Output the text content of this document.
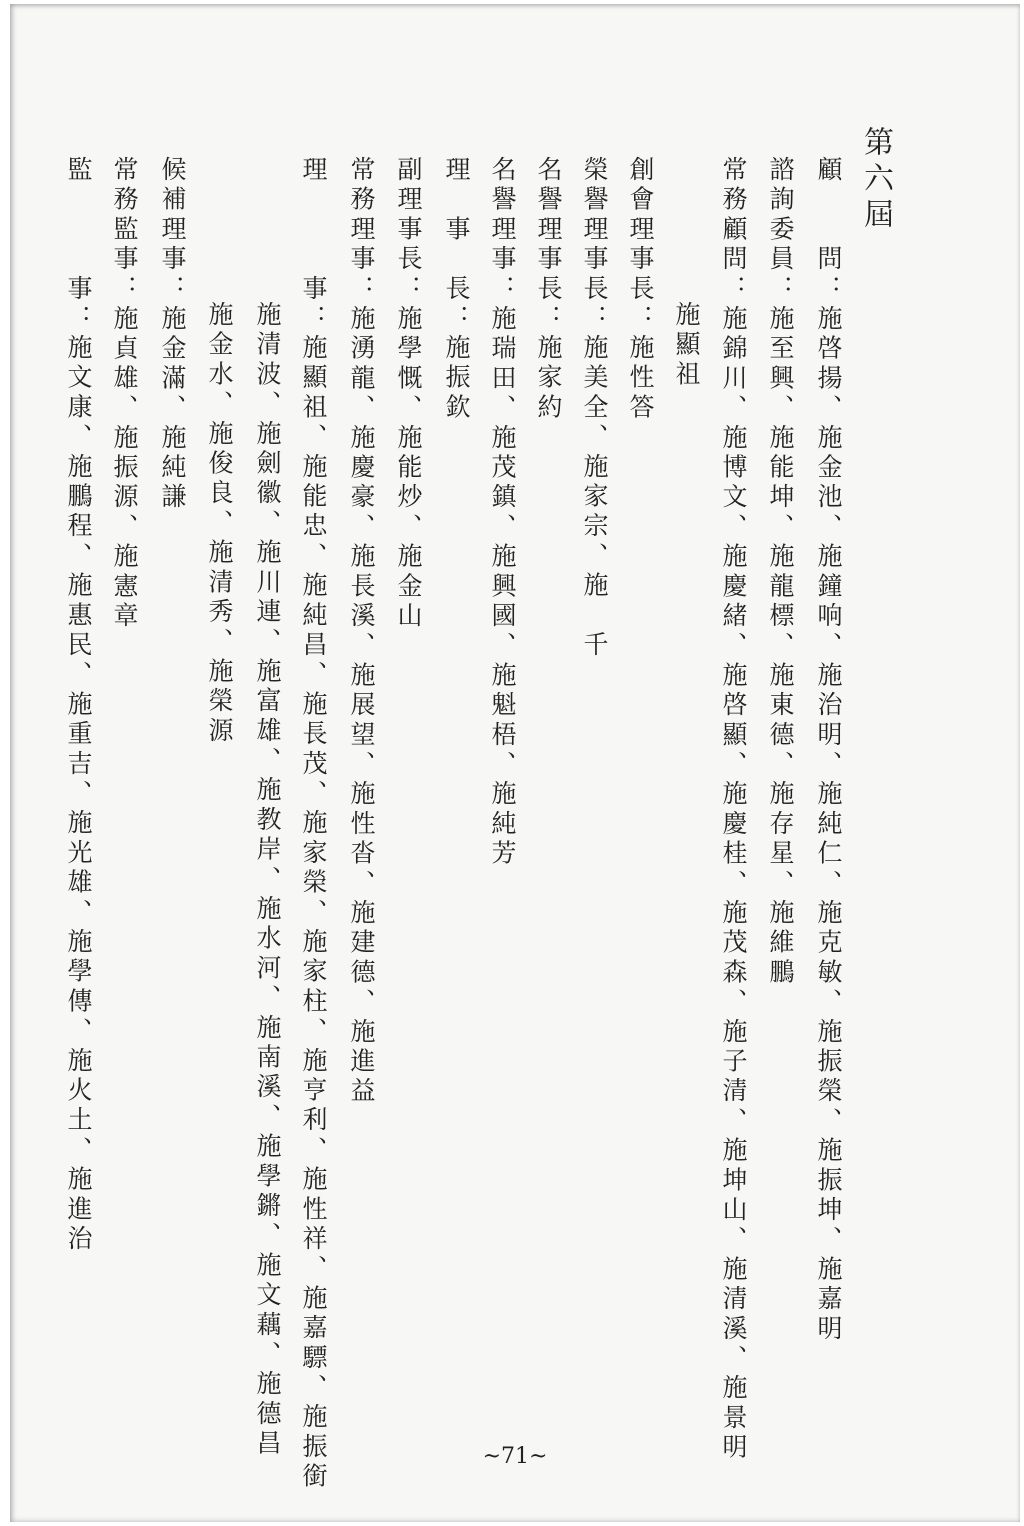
第六屆
顧　　問：施啓揚、施金池、施鐘响、施治明、施純仁、施克敏、施振榮、施振坤、施嘉明
諮詢委員：施至興、施能坤、施龍標、施東德、施存星、施維鵬
常務顧問：施錦川、施博文、施慶緒、施啓顯、施慶桂、施茂森、施子清、施坤山、施清溪、施景明
施顯祖
創會理事長：施性答
榮譽理事長：施美全、施家宗、施　千
名譽理事長：施家約
名譽理事：施瑞田、施茂鎮、施興國、施魁梧、施純芳
理　事　長：施振欽
副理事長：施學慨、施能炒、施金山
常務理事：施湧龍、施慶豪、施長溪、施展望、施性沓、施建德、施進益
理　　　事：施顯祖、施能忠、施純昌、施長茂、施家榮、施家柱、施亨利、施性祥、施嘉驃、施振銜
施清波、施劍徽、施川連、施富雄、施教岸、施水河、施南溪、施學鏘、施文藕、施德昌
施金水、施俊良、施清秀、施榮源
候補理事：施金滿、施純謙
常務監事：施貞雄、施振源、施憲章
監　　　事：施文康、施鵬程、施惠民、施重吉、施光雄、施學傳、施火土、施進治
~71~
